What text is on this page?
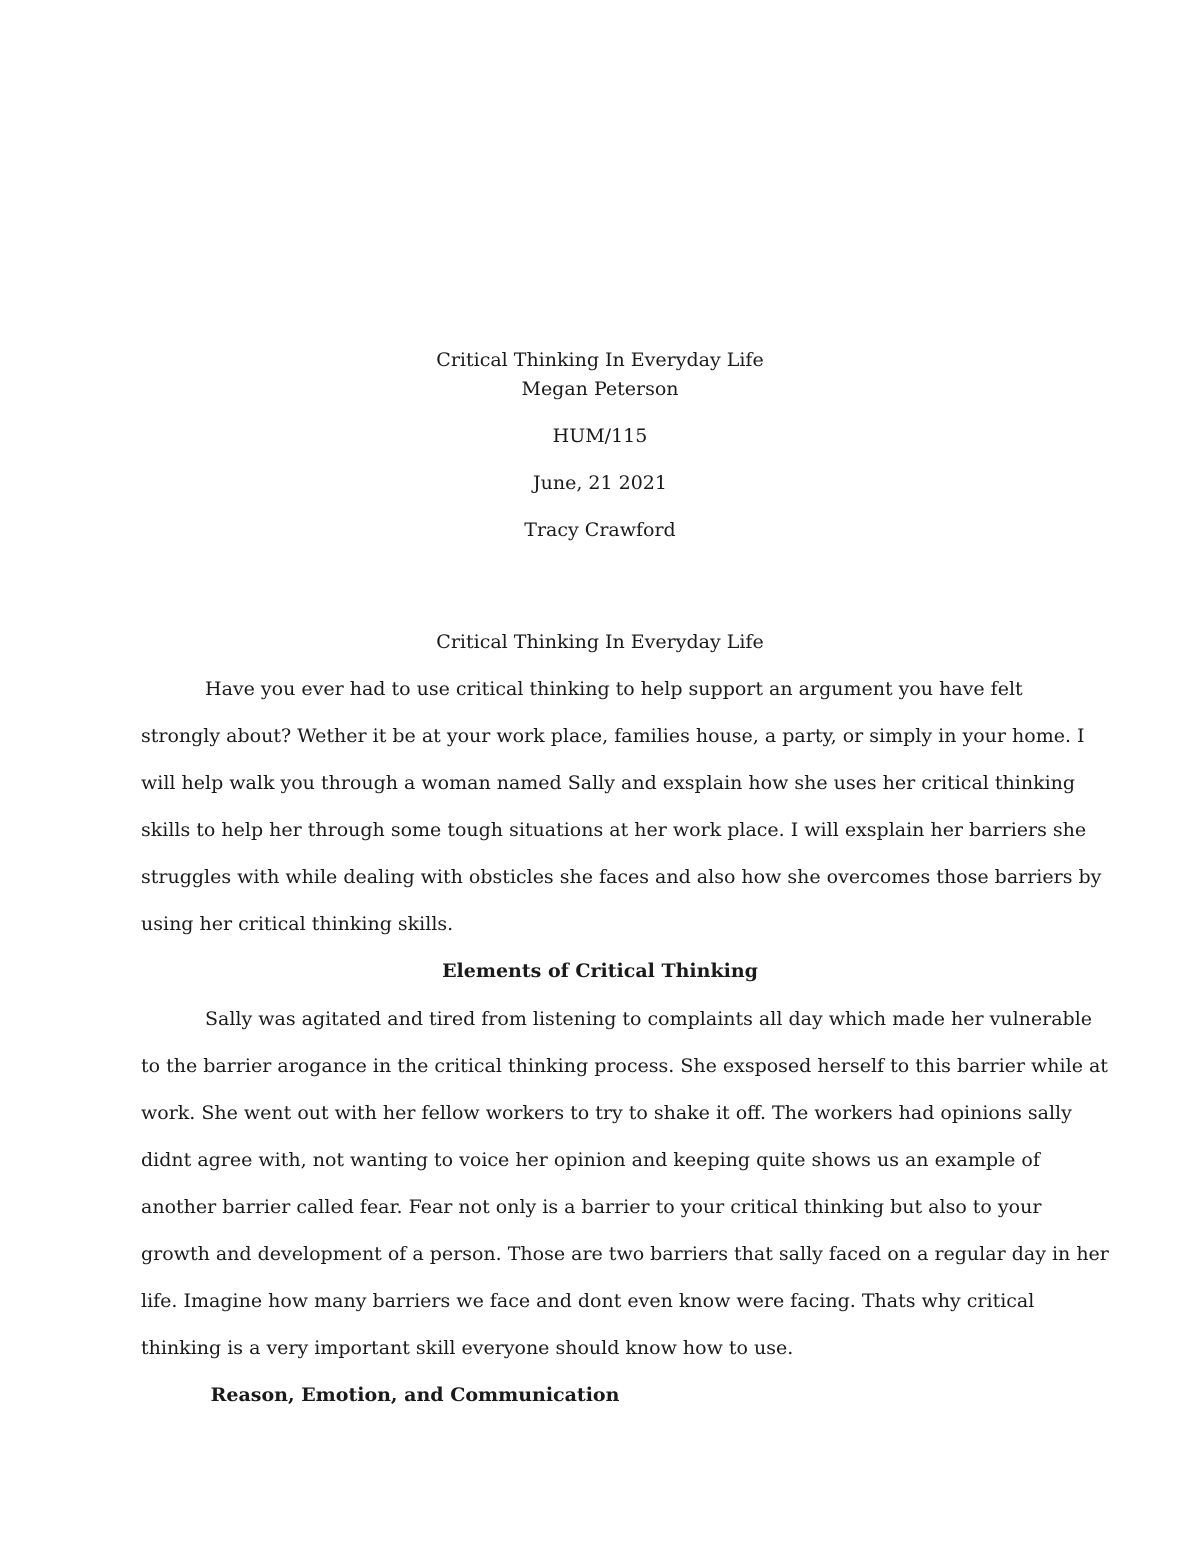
Critical Thinking In Everyday Life
Megan Peterson
HUM/115
June, 21 2021
Tracy Crawford
Critical Thinking In Everyday Life
Have you ever had to use critical thinking to help support an argument you have felt
strongly about? Wether it be at your work place, families house, a party, or simply in your home. I
will help walk you through a woman named Sally and exsplain how she uses her critical thinking
skills to help her through some tough situations at her work place. I will exsplain her barriers she
struggles with while dealing with obsticles she faces and also how she overcomes those barriers by
using her critical thinking skills.
Elements of Critical Thinking
Sally was agitated and tired from listening to complaints all day which made her vulnerable
to the barrier arogance in the critical thinking process. She exsposed herself to this barrier while at
work. She went out with her fellow workers to try to shake it off. The workers had opinions sally
didnt agree with, not wanting to voice her opinion and keeping quite shows us an example of
another barrier called fear. Fear not only is a barrier to your critical thinking but also to your
growth and development of a person. Those are two barriers that sally faced on a regular day in her
life. Imagine how many barriers we face and dont even know were facing. Thats why critical
thinking is a very important skill everyone should know how to use.
Reason, Emotion, and Communication
